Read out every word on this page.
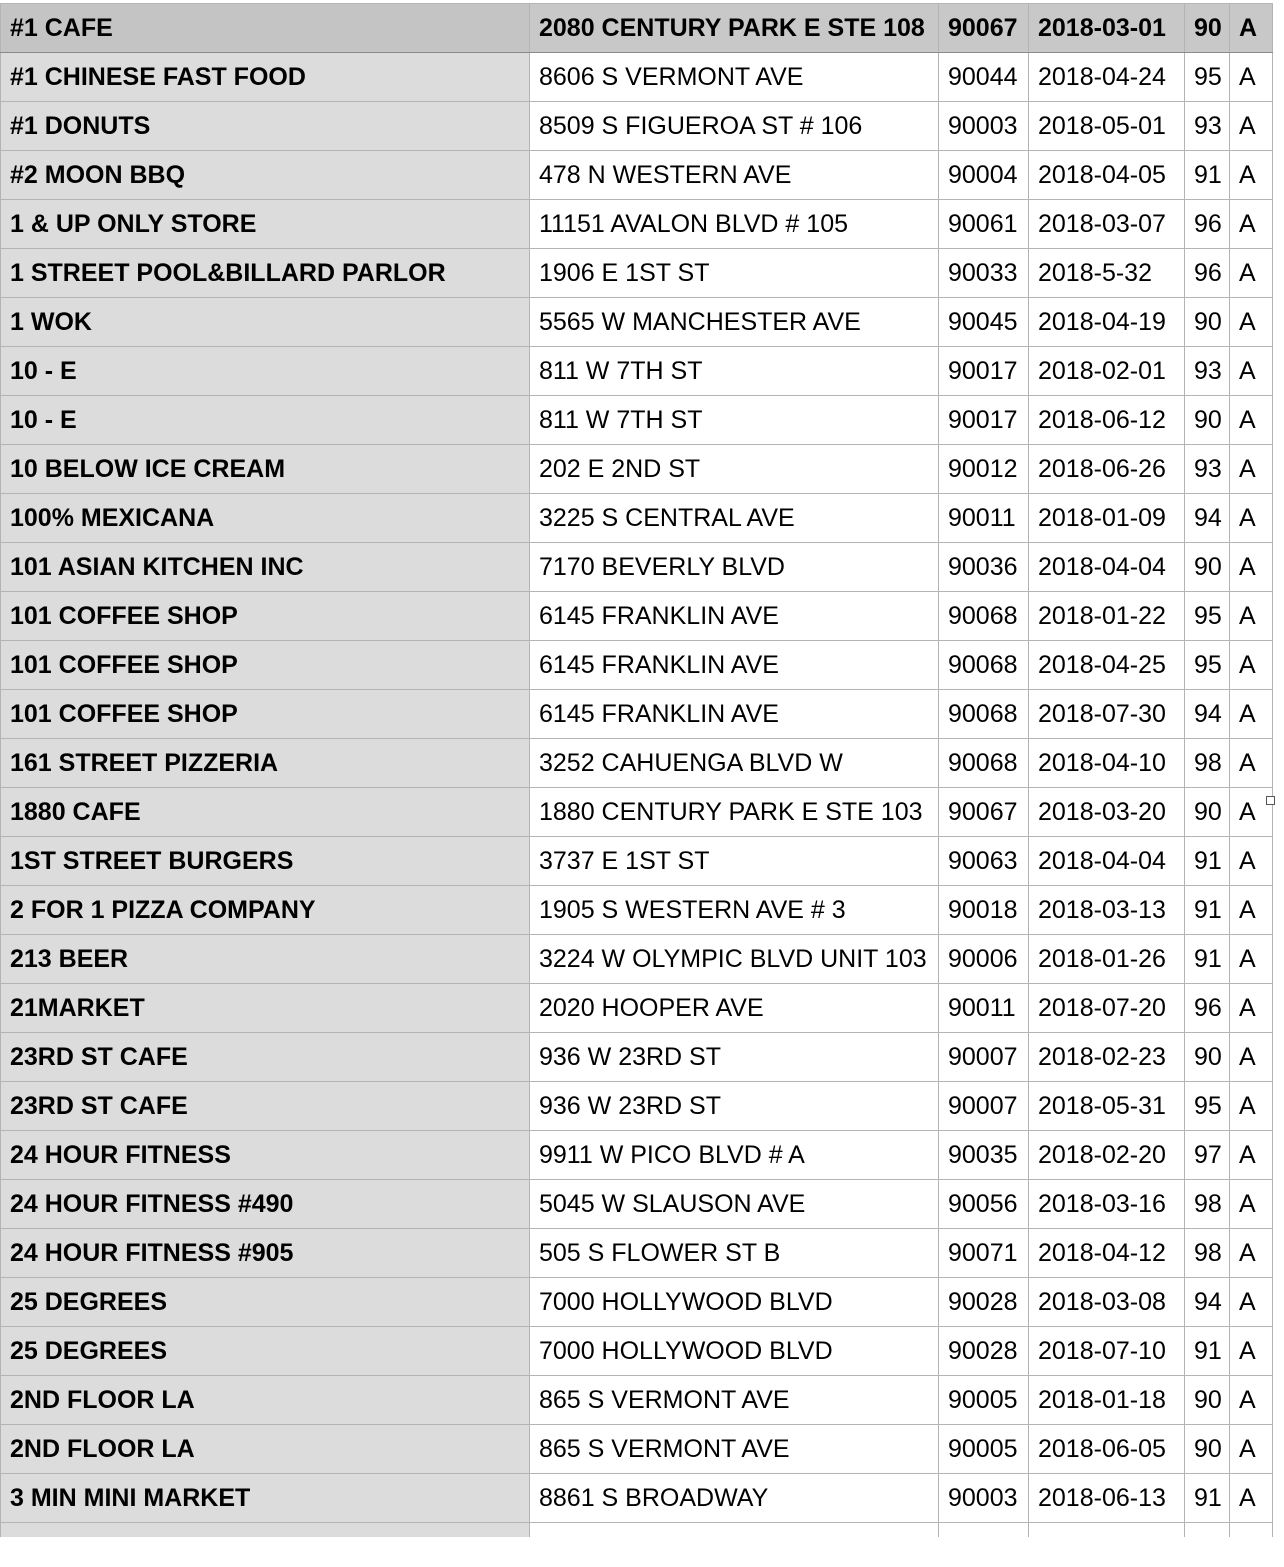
#1 CAFE	2080 CENTURY PARK E STE 108	90067	2018-03-01	90	A
#1 CHINESE FAST FOOD	8606 S VERMONT AVE	90044	2018-04-24	95	A
#1 DONUTS	8509 S FIGUEROA ST # 106	90003	2018-05-01	93	A
#2 MOON BBQ	478 N WESTERN AVE	90004	2018-04-05	91	A
1 & UP ONLY STORE	11151 AVALON BLVD # 105	90061	2018-03-07	96	A
1 STREET POOL&BILLARD PARLOR	1906 E 1ST ST	90033	2018-5-32	96	A
1 WOK	5565 W MANCHESTER AVE	90045	2018-04-19	90	A
10 - E	811 W 7TH ST	90017	2018-02-01	93	A
10 - E	811 W 7TH ST	90017	2018-06-12	90	A
10 BELOW ICE CREAM	202 E 2ND ST	90012	2018-06-26	93	A
100% MEXICANA	3225 S CENTRAL AVE	90011	2018-01-09	94	A
101 ASIAN KITCHEN INC	7170 BEVERLY BLVD	90036	2018-04-04	90	A
101 COFFEE SHOP	6145 FRANKLIN AVE	90068	2018-01-22	95	A
101 COFFEE SHOP	6145 FRANKLIN AVE	90068	2018-04-25	95	A
101 COFFEE SHOP	6145 FRANKLIN AVE	90068	2018-07-30	94	A
161 STREET PIZZERIA	3252 CAHUENGA BLVD W	90068	2018-04-10	98	A
1880 CAFE	1880 CENTURY PARK E STE 103	90067	2018-03-20	90	A
1ST STREET BURGERS	3737 E 1ST ST	90063	2018-04-04	91	A
2 FOR 1 PIZZA COMPANY	1905 S WESTERN AVE # 3	90018	2018-03-13	91	A
213 BEER	3224 W OLYMPIC BLVD UNIT 103	90006	2018-01-26	91	A
21MARKET	2020 HOOPER AVE	90011	2018-07-20	96	A
23RD ST CAFE	936 W 23RD ST	90007	2018-02-23	90	A
23RD ST CAFE	936 W 23RD ST	90007	2018-05-31	95	A
24 HOUR FITNESS	9911 W PICO BLVD # A	90035	2018-02-20	97	A
24 HOUR FITNESS #490	5045 W SLAUSON AVE	90056	2018-03-16	98	A
24 HOUR FITNESS #905	505 S FLOWER ST B	90071	2018-04-12	98	A
25 DEGREES	7000 HOLLYWOOD BLVD	90028	2018-03-08	94	A
25 DEGREES	7000 HOLLYWOOD BLVD	90028	2018-07-10	91	A
2ND FLOOR LA	865 S VERMONT AVE	90005	2018-01-18	90	A
2ND FLOOR LA	865 S VERMONT AVE	90005	2018-06-05	90	A
3 MIN MINI MARKET	8861 S BROADWAY	90003	2018-06-13	91	A
